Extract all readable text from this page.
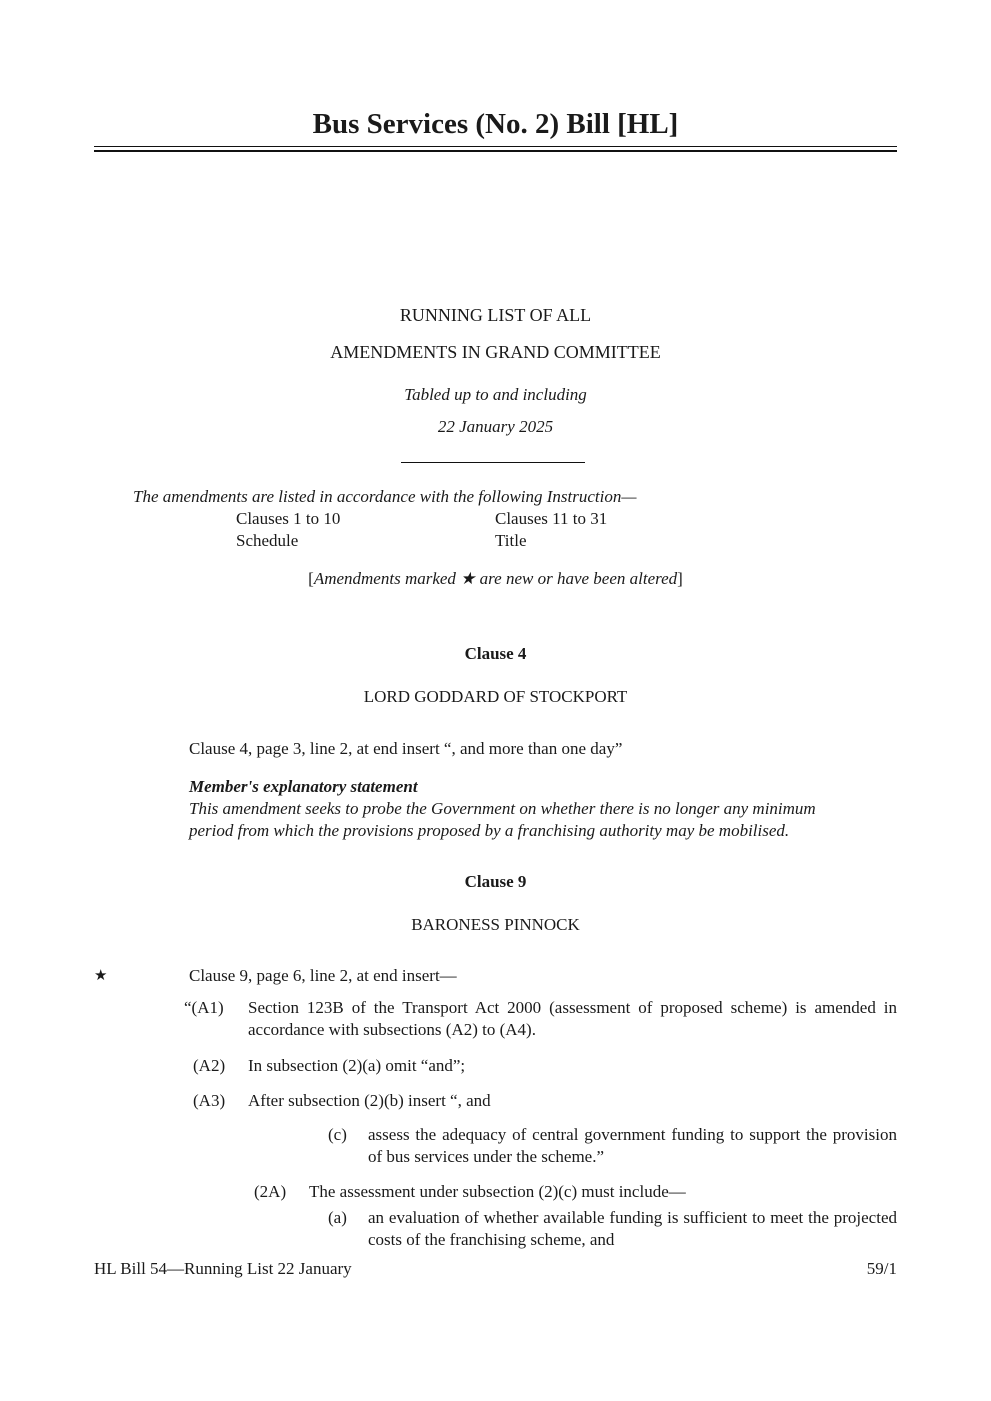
Bus Services (No. 2) Bill [HL]
RUNNING LIST OF ALL
AMENDMENTS IN GRAND COMMITTEE
Tabled up to and including
22 January 2025
The amendments are listed in accordance with the following Instruction—
Clauses 1 to 10	Clauses 11 to 31
Schedule	Title
[Amendments marked ★ are new or have been altered]
Clause 4
LORD GODDARD OF STOCKPORT
Clause 4, page 3, line 2, at end insert “, and more than one day”
Member's explanatory statement
This amendment seeks to probe the Government on whether there is no longer any minimum
period from which the provisions proposed by a franchising authority may be mobilised.
Clause 9
BARONESS PINNOCK
★	Clause 9, page 6, line 2, at end insert—
“(A1) Section 123B of the Transport Act 2000 (assessment of proposed scheme) is amended in accordance with subsections (A2) to (A4).
(A2) In subsection (2)(a) omit “and”;
(A3) After subsection (2)(b) insert “, and
(c) assess the adequacy of central government funding to support the provision of bus services under the scheme.”
(2A) The assessment under subsection (2)(c) must include—
(a) an evaluation of whether available funding is sufficient to meet the projected costs of the franchising scheme, and
HL Bill 54—Running List 22 January	59/1
